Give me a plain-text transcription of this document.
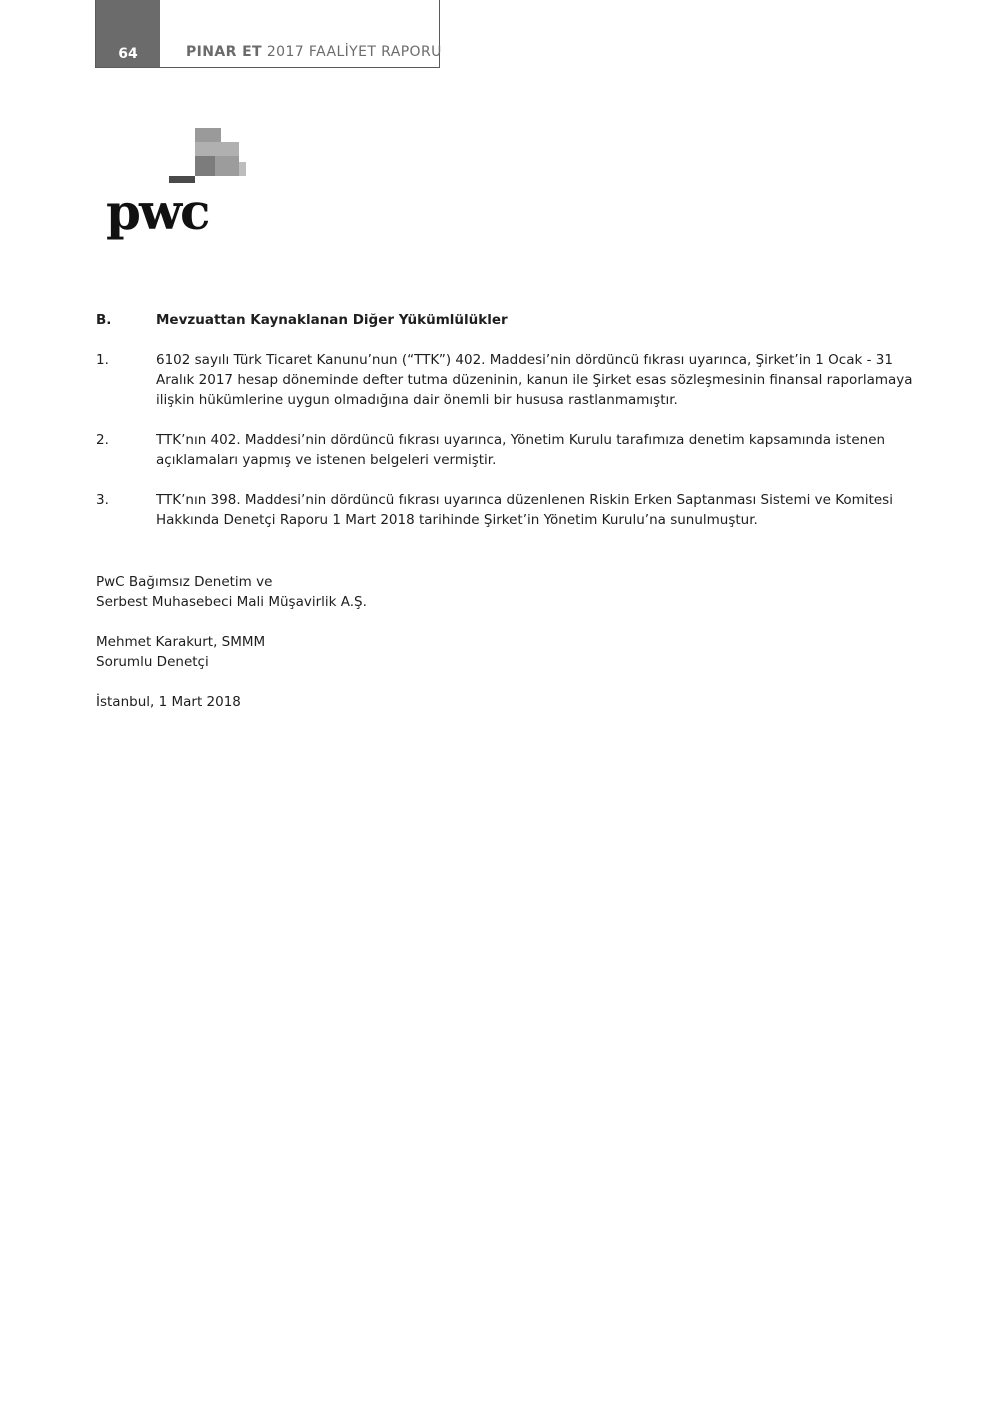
64	PINAR ET 2017 FAALİYET RAPORU
pwc
B.	Mevzuattan Kaynaklanan Diğer Yükümlülükler
1.	6102 sayılı Türk Ticaret Kanunu’nun (“TTK”) 402. Maddesi’nin dördüncü fıkrası uyarınca, Şirket’in 1 Ocak - 31 Aralık 2017 hesap döneminde defter tutma düzeninin, kanun ile Şirket esas sözleşmesinin finansal raporlamaya ilişkin hükümlerine uygun olmadığına dair önemli bir hususa rastlanmamıştır.
2.	TTK’nın 402. Maddesi’nin dördüncü fıkrası uyarınca, Yönetim Kurulu tarafımıza denetim kapsamında istenen açıklamaları yapmış ve istenen belgeleri vermiştir.
3.	TTK’nın 398. Maddesi’nin dördüncü fıkrası uyarınca düzenlenen Riskin Erken Saptanması Sistemi ve Komitesi Hakkında Denetçi Raporu 1 Mart 2018 tarihinde Şirket’in Yönetim Kurulu’na sunulmuştur.

PwC Bağımsız Denetim ve
Serbest Muhasebeci Mali Müşavirlik A.Ş.

Mehmet Karakurt, SMMM
Sorumlu Denetçi

İstanbul, 1 Mart 2018
